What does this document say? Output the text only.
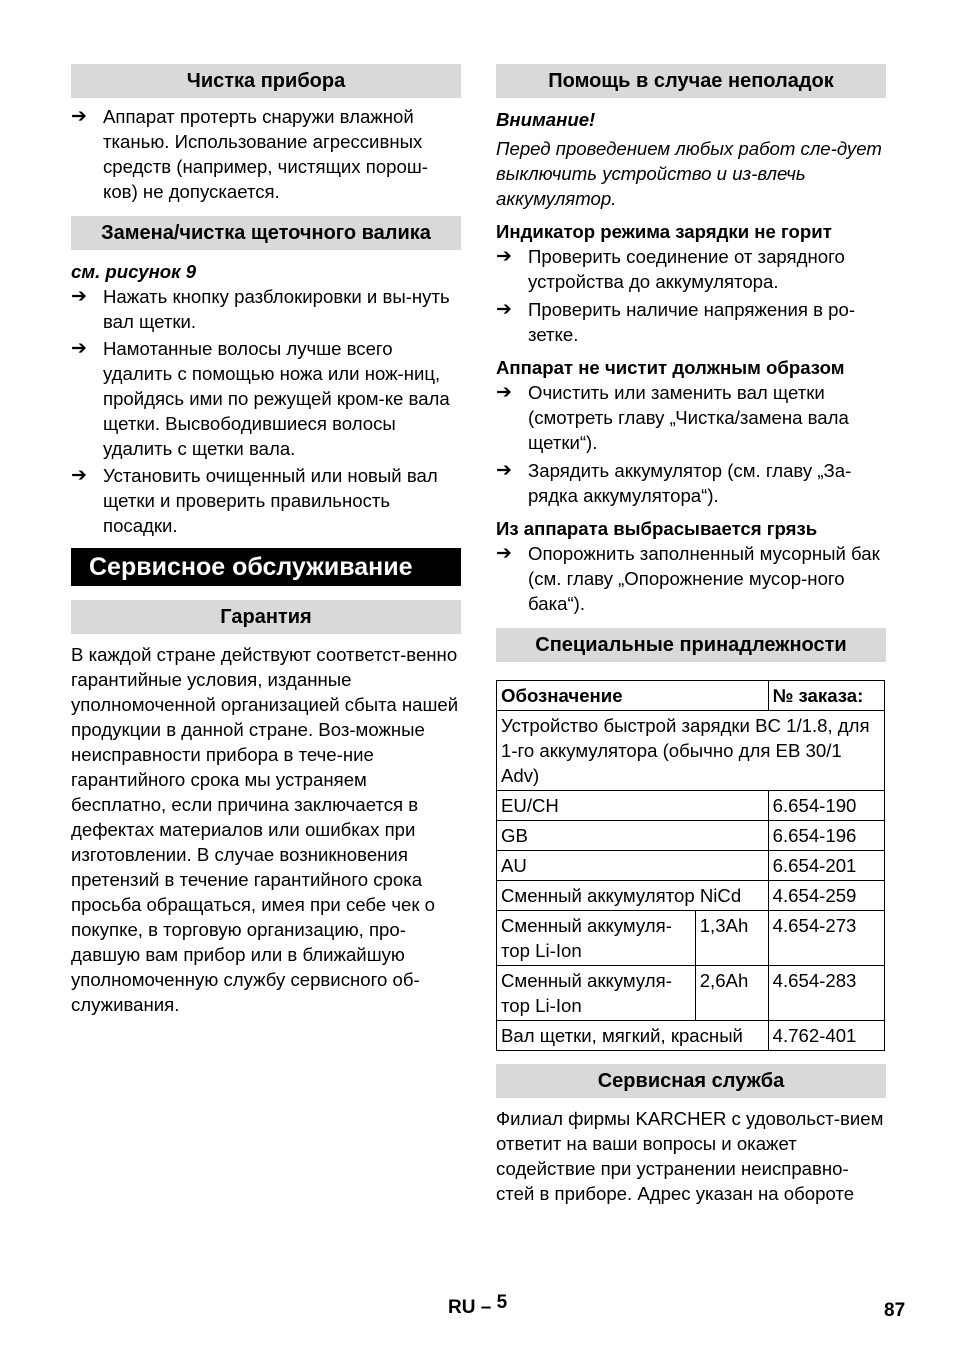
Чистка прибора
➔ Аппарат протерть снаружи влажной тканью. Использование агрессивных средств (например, чистящих порош-ков) не допускается.
Замена/чистка щеточного валика
см. рисунок 9
➔ Нажать кнопку разблокировки и вы-нуть вал щетки.
➔ Намотанные волосы лучше всего удалить с помощью ножа или нож-ниц, пройдясь ими по режущей кром-ке вала щетки. Высвободившиеся волосы удалить с щетки вала.
➔ Установить очищенный или новый вал щетки и проверить правильность посадки.
Сервисное обслуживание
Гарантия
В каждой стране действуют соответст-венно гарантийные условия, изданные уполномоченной организацией сбыта нашей продукции в данной стране. Воз-можные неисправности прибора в тече-ние гарантийного срока мы устраняем бесплатно, если причина заключается в дефектах материалов или ошибках при изготовлении. В случае возникновения претензий в течение гарантийного срока просьба обращаться, имея при себе чек о покупке, в торговую организацию, про-давшую вам прибор или в ближайшую уполномоченную службу сервисного об-служивания.
Помощь в случае неполадок
Внимание!
Перед проведением любых работ сле-дует выключить устройство и из-влечь аккумулятор.
Индикатор режима зарядки не горит
➔ Проверить соединение от зарядного устройства до аккумулятора.
➔ Проверить наличие напряжения в ро-зетке.
Аппарат не чистит должным образом
➔ Очистить или заменить вал щетки (смотреть главу „Чистка/замена вала щетки“).
➔ Зарядить аккумулятор (см. главу „За-рядка аккумулятора“).
Из аппарата выбрасывается грязь
➔ Опорожнить заполненный мусорный бак (см. главу „Опорожнение мусор-ного бака“).
Специальные принадлежности
Обозначение		№ заказа:
Устройство быстрой зарядки BC 1/1.8, для 1-го аккумулятора (обычно для EB 30/1 Adv)		
EU/CH		6.654-190
GB		6.654-196
AU		6.654-201
Сменный аккумулятор NiCd		4.654-259
Сменный аккумуля-тор Li-Ion	1,3Ah	4.654-273
Сменный аккумуля-тор Li-Ion	2,6Ah	4.654-283
Вал щетки, мягкий, красный		4.762-401
Сервисная служба
Филиал фирмы KARCHER с удовольст-вием ответит на ваши вопросы и окажет содействие при устранении неисправно-стей в приборе. Адрес указан на обороте
RU – 5	87
